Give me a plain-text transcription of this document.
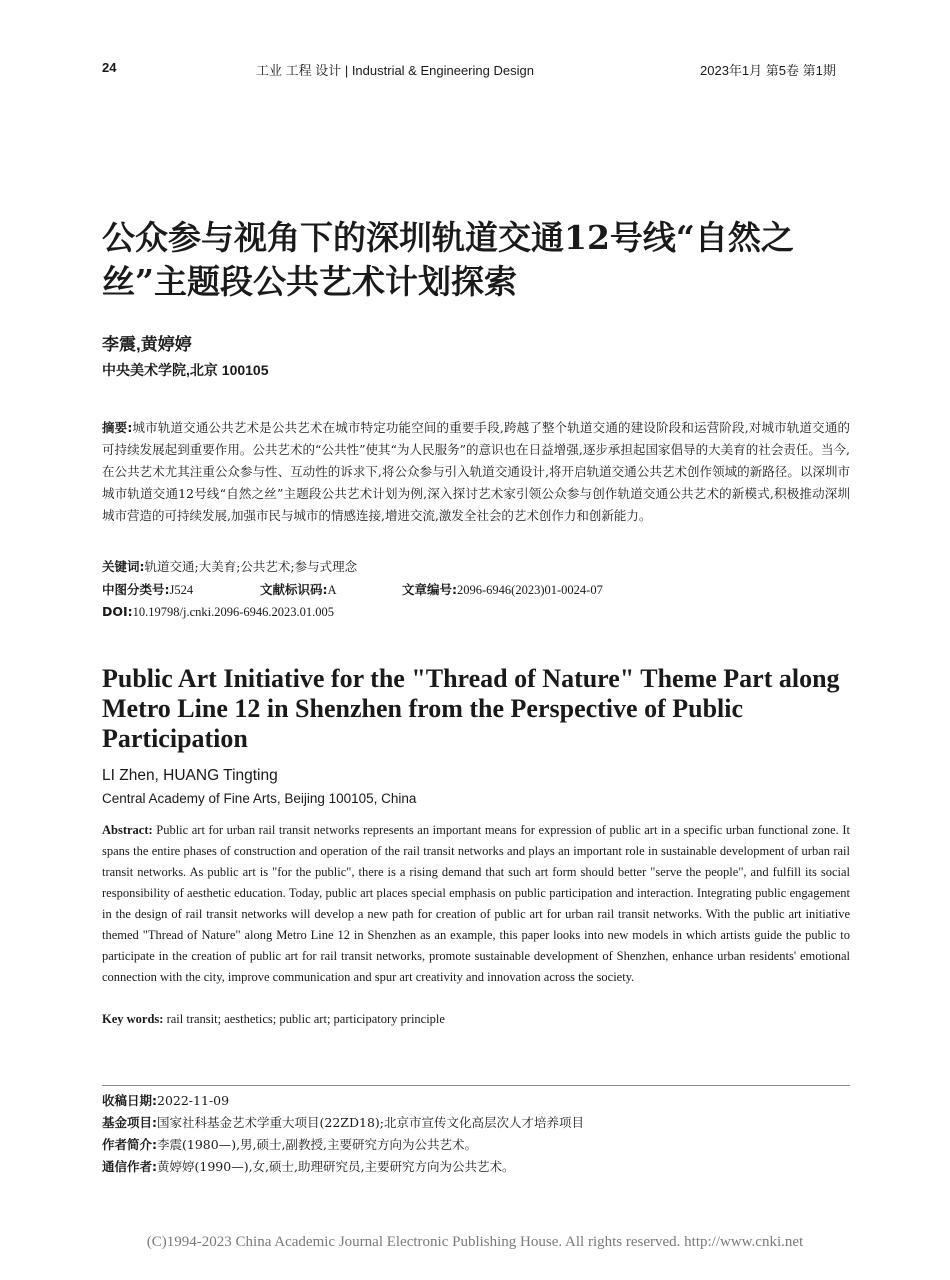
24	工业 工程 设计 | Industrial & Engineering Design	2023年1月 第5卷 第1期
公众参与视角下的深圳轨道交通12号线“自然之丝”主题段公共艺术计划探索
李震,黄婷婷
中央美术学院,北京 100105
摘要:城市轨道交通公共艺术是公共艺术在城市特定功能空间的重要手段,跨越了整个轨道交通的建设阶段和运营阶段,对城市轨道交通的可持续发展起到重要作用。公共艺术的“公共性”使其“为人民服务”的意识也在日益增强,逐步承担起国家倡导的大美育的社会责任。当今,在公共艺术尤其注重公众参与性、互动性的诉求下,将公众参与引入轨道交通设计,将开启轨道交通公共艺术创作领域的新路径。以深圳市城市轨道交通12号线“自然之丝”主题段公共艺术计划为例,深入探讨艺术家引领公众参与创作轨道交通公共艺术的新模式,积极推动深圳城市营造的可持续发展,加强市民与城市的情感连接,增进交流,激发全社会的艺术创作力和创新能力。
关键词:轨道交通;大美育;公共艺术;参与式理念
中图分类号:J524	文献标识码:A	文章编号:2096-6946(2023)01-0024-07
DOI:10.19798/j.cnki.2096-6946.2023.01.005
Public Art Initiative for the "Thread of Nature" Theme Part along Metro Line 12 in Shenzhen from the Perspective of Public Participation
LI Zhen, HUANG Tingting
Central Academy of Fine Arts, Beijing 100105, China
Abstract: Public art for urban rail transit networks represents an important means for expression of public art in a specific urban functional zone. It spans the entire phases of construction and operation of the rail transit networks and plays an important role in sustainable development of urban rail transit networks. As public art is "for the public", there is a rising demand that such art form should better "serve the people", and fulfill its social responsibility of aesthetic education. Today, public art places special emphasis on public participation and interaction. Integrating public engagement in the design of rail transit networks will develop a new path for creation of public art for urban rail transit networks. With the public art initiative themed "Thread of Nature" along Metro Line 12 in Shenzhen as an example, this paper looks into new models in which artists guide the public to participate in the creation of public art for rail transit networks, promote sustainable development of Shenzhen, enhance urban residents' emotional connection with the city, improve communication and spur art creativity and innovation across the society.
Key words: rail transit; aesthetics; public art; participatory principle
收稿日期:2022-11-09
基金项目:国家社科基金艺术学重大项目(22ZD18);北京市宣传文化高层次人才培养项目
作者简介:李震(1980—),男,硕士,副教授,主要研究方向为公共艺术。
通信作者:黄婷婷(1990—),女,硕士,助理研究员,主要研究方向为公共艺术。
(C)1994-2023 China Academic Journal Electronic Publishing House. All rights reserved. http://www.cnki.net
